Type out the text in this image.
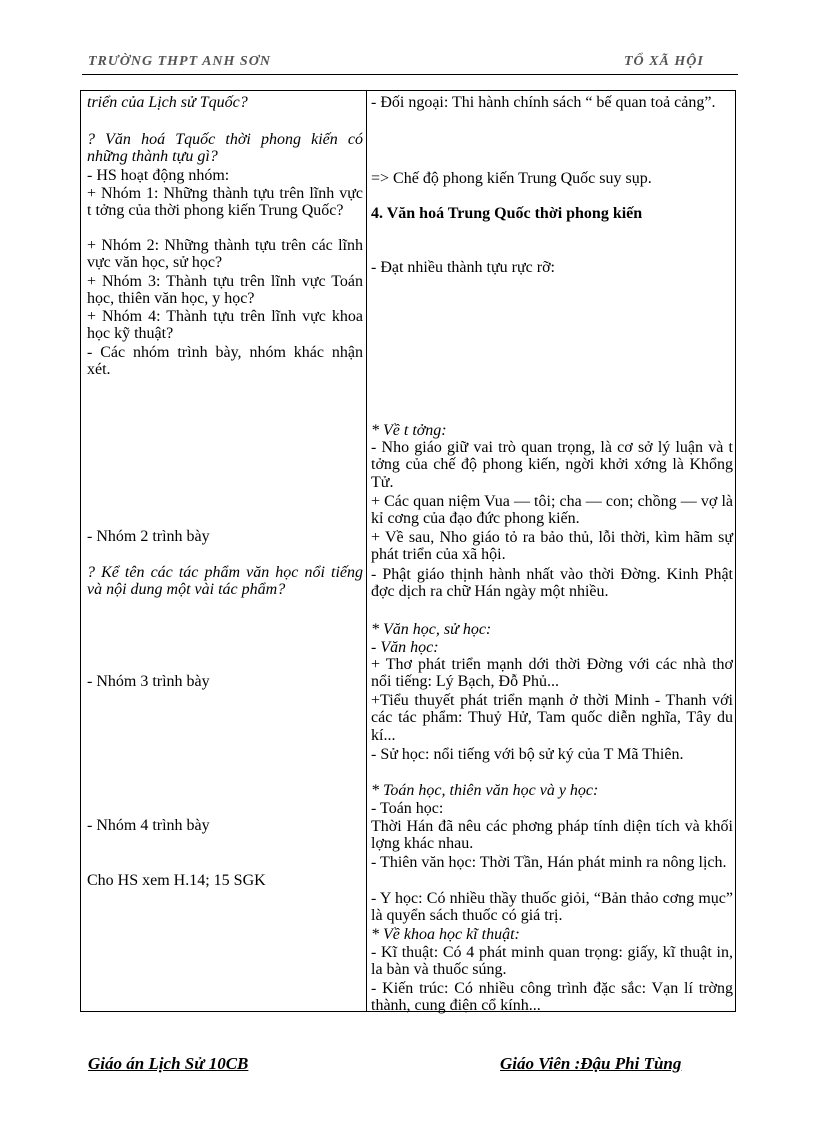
TRƯỜNG THPT ANH SƠN	TỔ XÃ HỘI

triển của Lịch sử Tquốc?

? Văn hoá Tquốc thời phong kiến có những thành tựu gì?

- HS hoạt động nhóm:

+ Nhóm 1: Những thành tựu trên lĩnh vực t tởng của thời phong kiến Trung Quốc?

+ Nhóm 2: Những thành tựu trên các lĩnh vực văn học, sử học?

+ Nhóm 3: Thành tựu trên lĩnh vực Toán học, thiên văn học, y học?

+ Nhóm 4: Thành tựu trên lĩnh vực khoa học kỹ thuật?

- Các nhóm trình bày, nhóm khác nhận xét.

- Nhóm 2 trình bày

? Kể tên các tác phẩm văn học nổi tiếng và nội dung một vài tác phẩm?

- Nhóm 3 trình bày

- Nhóm 4 trình bày

Cho HS xem H.14; 15 SGK

- Đối ngoại: Thi hành chính sách “ bế quan toả cảng”.

=> Chế độ phong kiến Trung Quốc suy sụp.

4. Văn hoá Trung Quốc thời phong kiến

- Đạt nhiều thành tựu rực rỡ:

* Về t tởng:

- Nho giáo giữ vai trò quan trọng, là cơ sở lý luận và t tởng của chế độ phong kiến, ngời khởi xớng là Khổng Tử.

+ Các quan niệm Vua — tôi; cha — con; chồng — vợ là kỉ cơng của đạo đức phong kiến.

+ Về sau, Nho giáo tỏ ra bảo thủ, lỗi thời, kìm hãm sự phát triển của xã hội.

- Phật giáo thịnh hành nhất vào thời Đờng. Kinh Phật đợc dịch ra chữ Hán ngày một nhiều.

* Văn học, sử học:

- Văn học:

+ Thơ phát triển mạnh dới thời Đờng với các nhà thơ nổi tiếng: Lý Bạch, Đỗ Phủ...

+Tiểu thuyết phát triển mạnh ở thời Minh - Thanh với các tác phẩm: Thuỷ Hử, Tam quốc diễn nghĩa, Tây du kí...

- Sử học: nổi tiếng với bộ sử ký của T Mã Thiên.

* Toán học, thiên văn học và y học:

- Toán học:

Thời Hán đã nêu các phơng pháp tính diện tích và khối lợng khác nhau.

- Thiên văn học: Thời Tần, Hán phát minh ra nông lịch.

- Y học: Có nhiều thầy thuốc giỏi, “Bản thảo cơng mục” là quyển sách thuốc có giá trị.

* Về khoa học kĩ thuật:

- Kĩ thuật: Có 4 phát minh quan trọng: giấy, kĩ thuật in, la bàn và thuốc súng.

- Kiến trúc: Có nhiều công trình đặc sắc: Vạn lí trờng thành, cung điện cổ kính...

Giáo án Lịch Sử 10CB	Giáo Viên :Đậu Phi Tùng
